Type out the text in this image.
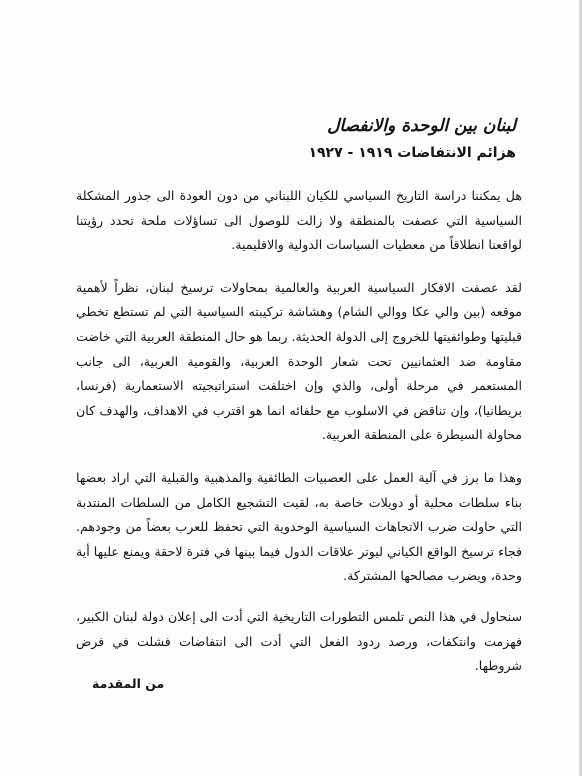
لبنان بين الوحدة والانفصال
هزائم الانتفاضات ١٩١٩ - ١٩٢٧

هل يمكننا دراسة التاريخ السياسي للكيان اللبناني من دون العودة الى جذور المشكلة السياسية التي عصفت بالمنطقة ولا زالت للوصول الى تساؤلات ملحة تحدد رؤيتنا لواقعنا انطلاقاً من معطيات السياسات الدولية والاقليمية.

لقد عصفت الافكار السياسية العربية والعالمية بمحاولات ترسيخ لبنان، نظراً لأهمية موقعه (بين والي عكا ووالي الشام) وهشاشة تركيبته السياسية التي لم تستطع تخطي قبليتها وطوائفيتها للخروج إلى الدولة الحديثة. ربما هو حال المنطقة العربية التي خاضت مقاومة ضد العثمانيين تحت شعار الوحدة العربية، والقومية العربية، الى جانب المستعمر في مرحلة أولى، والذي وإن اختلفت استراتيجيته الاستعمارية (فرنسا، بريطانيا)، وإن تناقض في الاسلوب مع حلفائه انما هو اقترب في الاهداف، والهدف كان محاولة السيطرة على المنطقة العربية.

وهذا ما برز في آلية العمل على العصبيات الطائفية والمذهبية والقبلية التي اراد بعضها بناء سلطات محلية أو دويلات خاصة به، لقيت التشجيع الكامل من السلطات المنتدبة التي حاولت ضرب الاتجاهات السياسية الوحدوية التي تحفظ للعرب بعضاً من وجودهم. فجاء ترسيخ الواقع الكياني ليوتر علاقات الدول فيما بينها في فترة لاحقة ويمنع عليها أية وحدة، ويضرب مصالحها المشتركة.

سنحاول في هذا النص تلمس التطورات التاريخية التي أدت الى إعلان دولة لبنان الكبير، فهزمت وانتكفات، ورصد ردود الفعل التي أدت الى انتفاضات فشلت في فرض شروطها.

من المقدمة
